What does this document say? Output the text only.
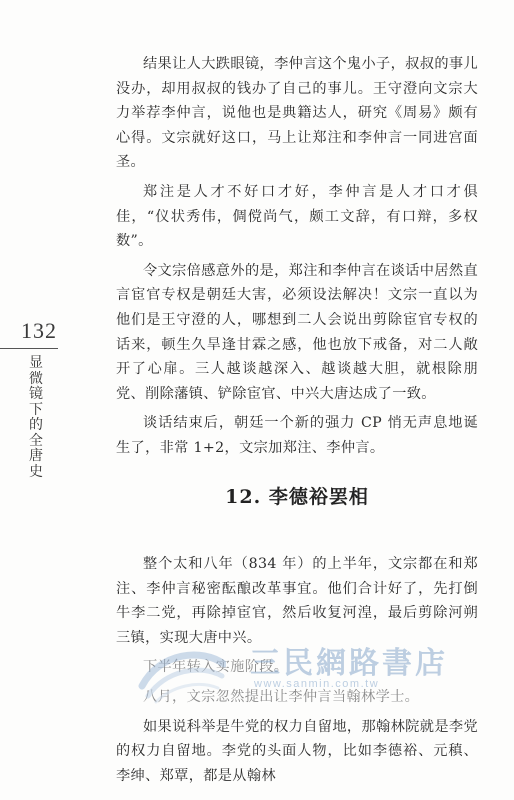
结果让人大跌眼镜，李仲言这个鬼小子，叔叔的事儿没办，却用叔叔的钱办了自己的事儿。王守澄向文宗大力举荐李仲言，说他也是典籍达人，研究《周易》颇有心得。文宗就好这口，马上让郑注和李仲言一同进宫面圣。

郑注是人才不好口才好，李仲言是人才口才俱佳，“仪状秀伟，倜傥尚气，颇工文辞，有口辩，多权数”。

令文宗倍感意外的是，郑注和李仲言在谈话中居然直言宦官专权是朝廷大害，必须设法解决！文宗一直以为他们是王守澄的人，哪想到二人会说出剪除宦官专权的话来，顿生久旱逢甘霖之感，他也放下戒备，对二人敞开了心扉。三人越谈越深入、越谈越大胆，就根除朋党、削除藩镇、铲除宦官、中兴大唐达成了一致。

谈话结束后，朝廷一个新的强力 CP 悄无声息地诞生了，非常 1+2，文宗加郑注、李仲言。

132
显微镜下的全唐史
12. 李德裕罢相

整个太和八年（834 年）的上半年，文宗都在和郑注、李仲言秘密酝酿改革事宜。他们合计好了，先打倒牛李二党，再除掉宦官，然后收复河湟，最后剪除河朔三镇，实现大唐中兴。

下半年转入实施阶段。

八月，文宗忽然提出让李仲言当翰林学士。

如果说科举是牛党的权力自留地，那翰林院就是李党的权力自留地。李党的头面人物，比如李德裕、元稹、李绅、郑覃，都是从翰林

三民網路書店
www.sanmin.com.tw
